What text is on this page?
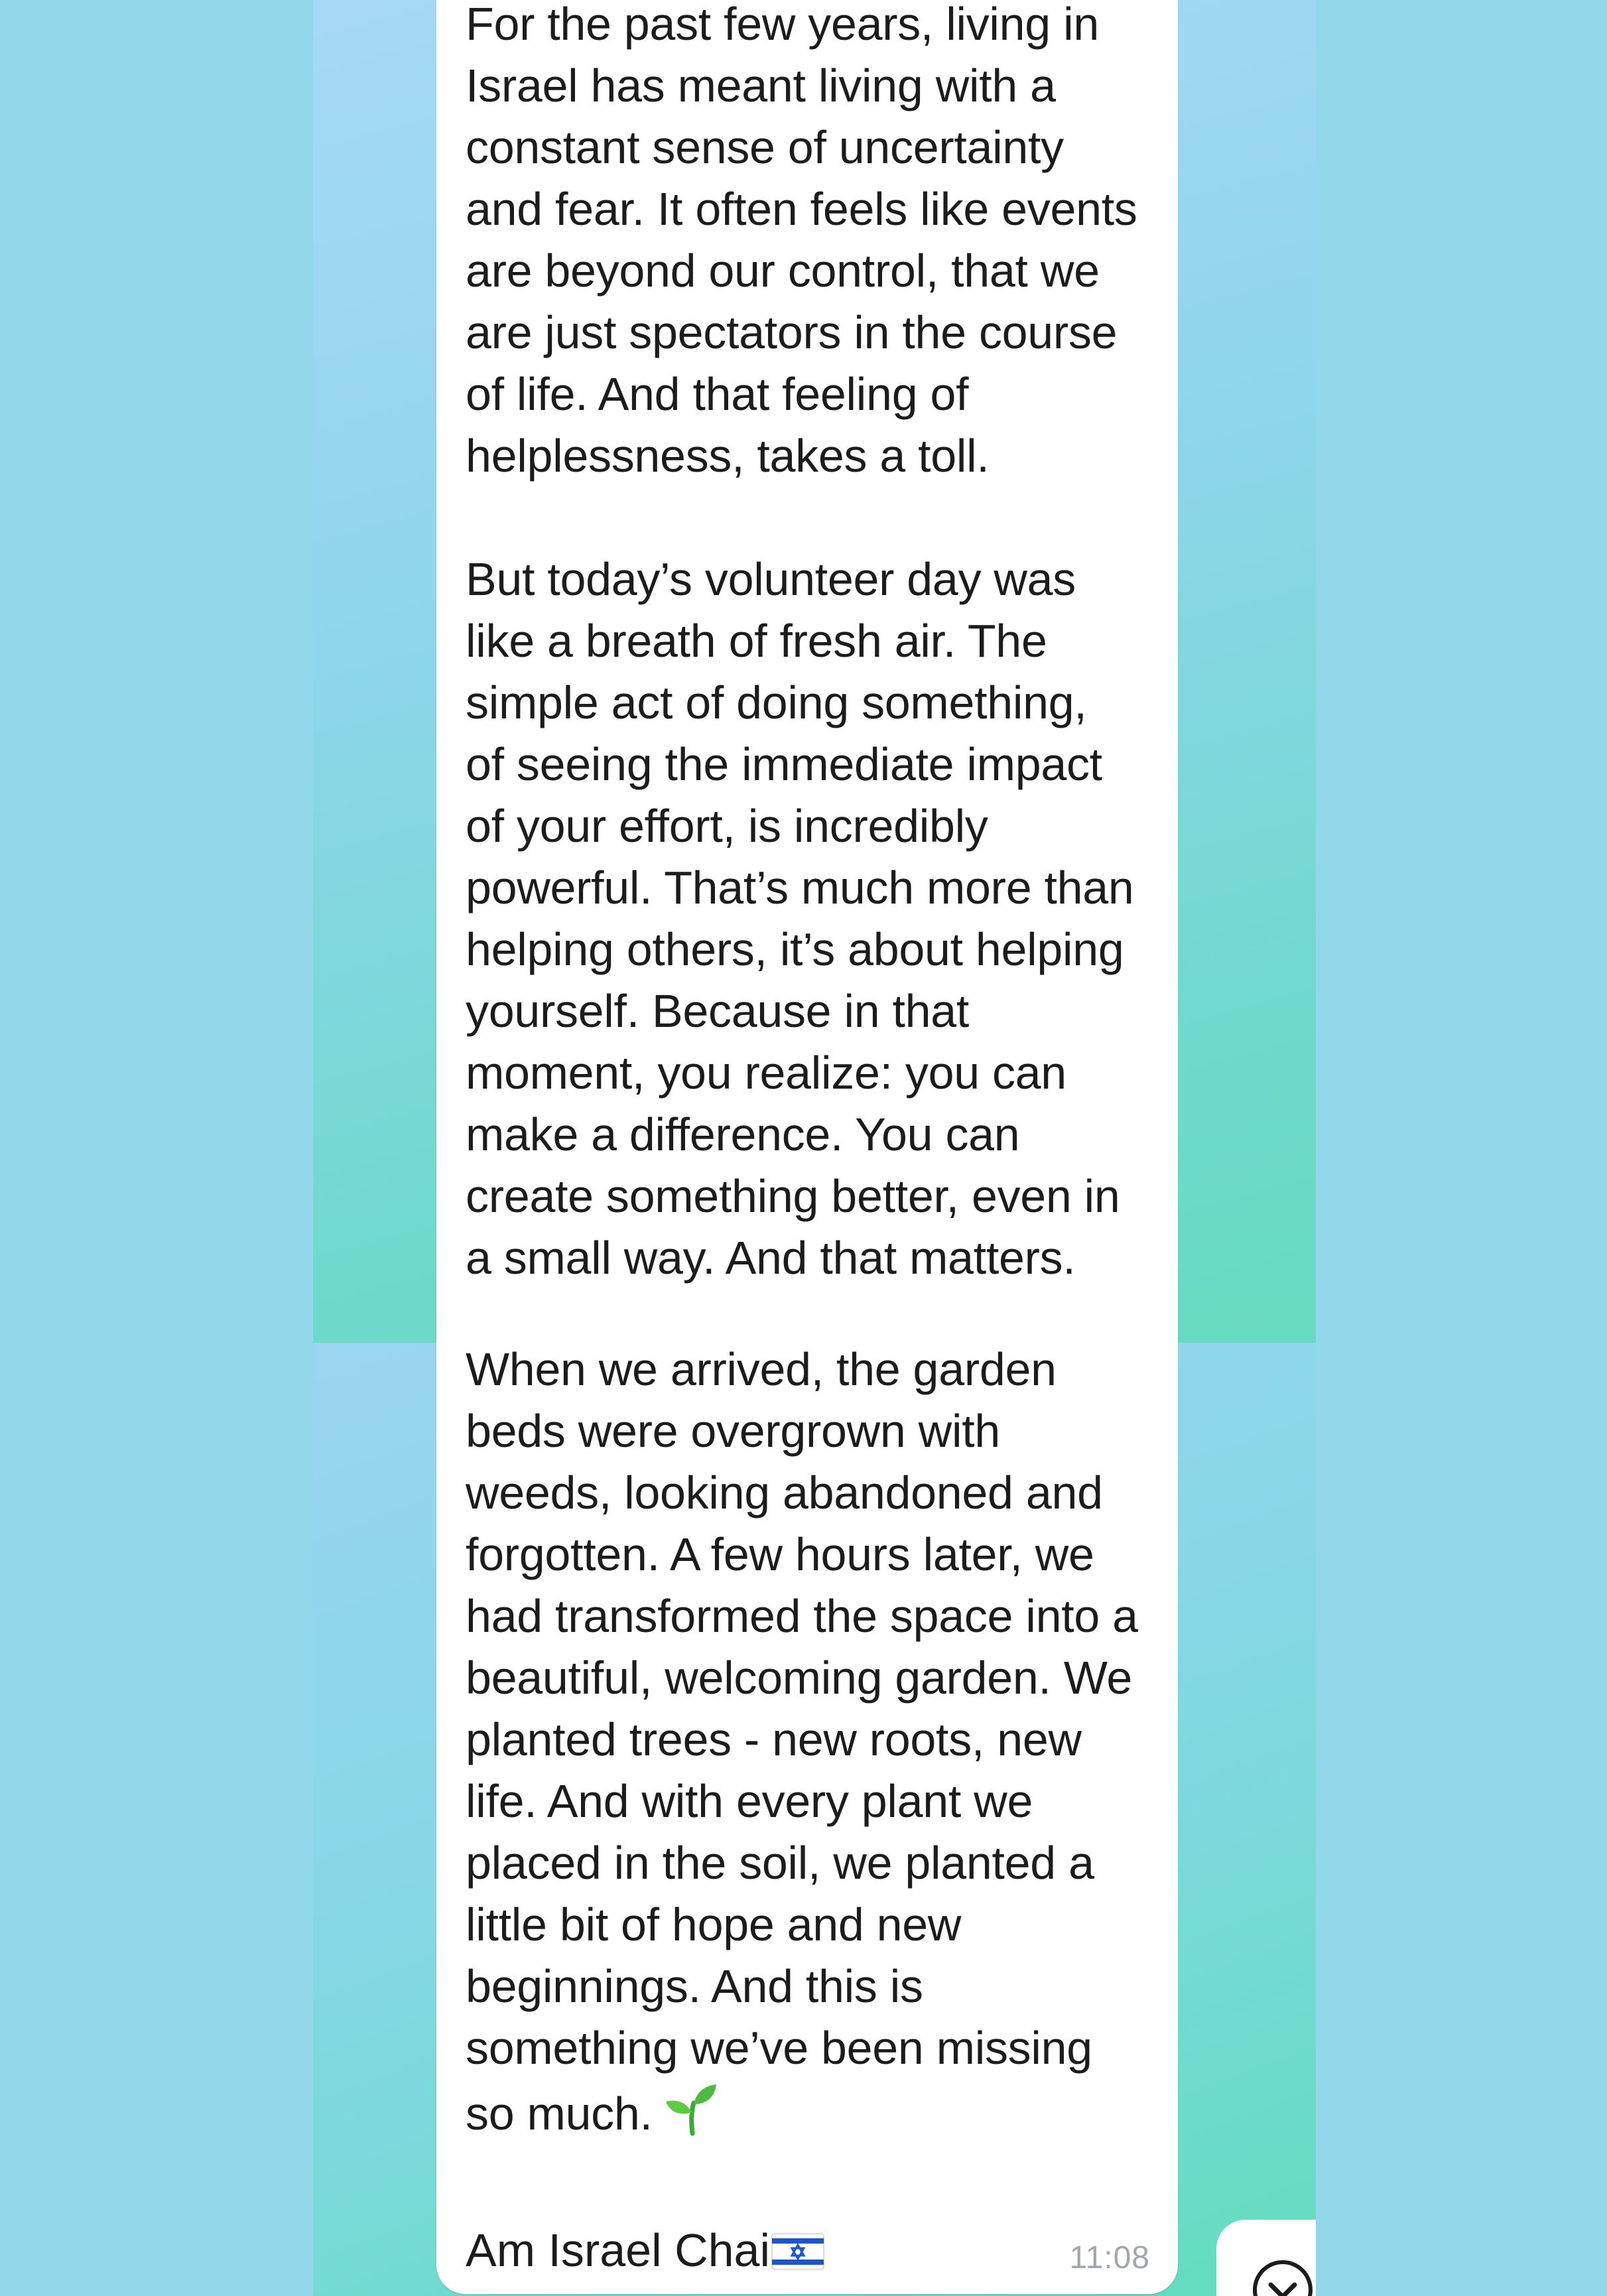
For the past few years, living in
Israel has meant living with a
constant sense of uncertainty
and fear. It often feels like events
are beyond our control, that we
are just spectators in the course
of life. And that feeling of
helplessness, takes a toll.

But today’s volunteer day was
like a breath of fresh air. The
simple act of doing something,
of seeing the immediate impact
of your effort, is incredibly
powerful. That’s much more than
helping others, it’s about helping
yourself. Because in that
moment, you realize: you can
make a difference. You can
create something better, even in
a small way. And that matters.

When we arrived, the garden
beds were overgrown with
weeds, looking abandoned and
forgotten. A few hours later, we
had transformed the space into a
beautiful, welcoming garden. We
planted trees - new roots, new
life. And with every plant we
placed in the soil, we planted a
little bit of hope and new
beginnings. And this is
something we’ve been missing
so much.

Am Israel Chai	11:08
